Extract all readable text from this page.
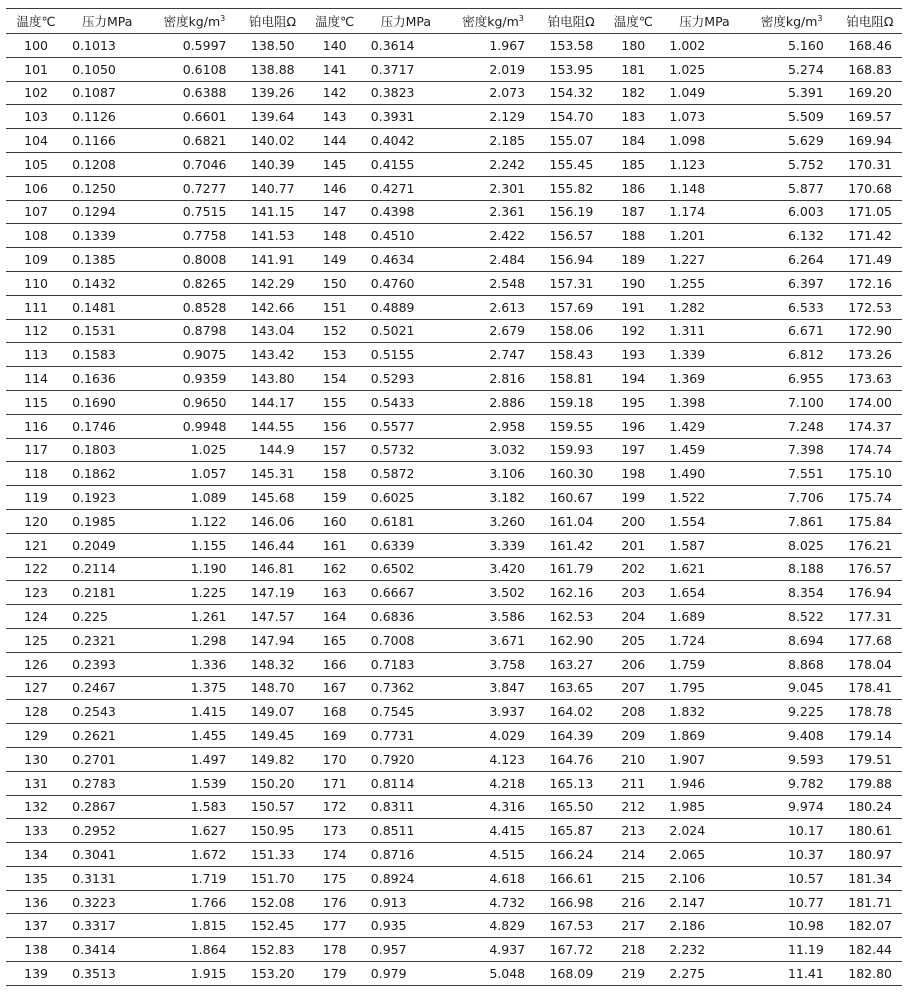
温度℃	压力MPa	密度$kg/m^3$	铂电阻Ω	温度℃	压力MPa	密度$kg/m^3$	铂电阻Ω	温度℃	压力MPa	密度$kg/m^3$	铂电阻Ω
100	0.1013	0.5997	138.50	140	0.3614	1.967	153.58	180	1.002	5.160	168.46
101	0.1050	0.6108	138.88	141	0.3717	2.019	153.95	181	1.025	5.274	168.83
102	0.1087	0.6388	139.26	142	0.3823	2.073	154.32	182	1.049	5.391	169.20
103	0.1126	0.6601	139.64	143	0.3931	2.129	154.70	183	1.073	5.509	169.57
104	0.1166	0.6821	140.02	144	0.4042	2.185	155.07	184	1.098	5.629	169.94
105	0.1208	0.7046	140.39	145	0.4155	2.242	155.45	185	1.123	5.752	170.31
106	0.1250	0.7277	140.77	146	0.4271	2.301	155.82	186	1.148	5.877	170.68
107	0.1294	0.7515	141.15	147	0.4398	2.361	156.19	187	1.174	6.003	171.05
108	0.1339	0.7758	141.53	148	0.4510	2.422	156.57	188	1.201	6.132	171.42
109	0.1385	0.8008	141.91	149	0.4634	2.484	156.94	189	1.227	6.264	171.49
110	0.1432	0.8265	142.29	150	0.4760	2.548	157.31	190	1.255	6.397	172.16
111	0.1481	0.8528	142.66	151	0.4889	2.613	157.69	191	1.282	6.533	172.53
112	0.1531	0.8798	143.04	152	0.5021	2.679	158.06	192	1.311	6.671	172.90
113	0.1583	0.9075	143.42	153	0.5155	2.747	158.43	193	1.339	6.812	173.26
114	0.1636	0.9359	143.80	154	0.5293	2.816	158.81	194	1.369	6.955	173.63
115	0.1690	0.9650	144.17	155	0.5433	2.886	159.18	195	1.398	7.100	174.00
116	0.1746	0.9948	144.55	156	0.5577	2.958	159.55	196	1.429	7.248	174.37
117	0.1803	1.025	144.9	157	0.5732	3.032	159.93	197	1.459	7.398	174.74
118	0.1862	1.057	145.31	158	0.5872	3.106	160.30	198	1.490	7.551	175.10
119	0.1923	1.089	145.68	159	0.6025	3.182	160.67	199	1.522	7.706	175.74
120	0.1985	1.122	146.06	160	0.6181	3.260	161.04	200	1.554	7.861	175.84
121	0.2049	1.155	146.44	161	0.6339	3.339	161.42	201	1.587	8.025	176.21
122	0.2114	1.190	146.81	162	0.6502	3.420	161.79	202	1.621	8.188	176.57
123	0.2181	1.225	147.19	163	0.6667	3.502	162.16	203	1.654	8.354	176.94
124	0.225	1.261	147.57	164	0.6836	3.586	162.53	204	1.689	8.522	177.31
125	0.2321	1.298	147.94	165	0.7008	3.671	162.90	205	1.724	8.694	177.68
126	0.2393	1.336	148.32	166	0.7183	3.758	163.27	206	1.759	8.868	178.04
127	0.2467	1.375	148.70	167	0.7362	3.847	163.65	207	1.795	9.045	178.41
128	0.2543	1.415	149.07	168	0.7545	3.937	164.02	208	1.832	9.225	178.78
129	0.2621	1.455	149.45	169	0.7731	4.029	164.39	209	1.869	9.408	179.14
130	0.2701	1.497	149.82	170	0.7920	4.123	164.76	210	1.907	9.593	179.51
131	0.2783	1.539	150.20	171	0.8114	4.218	165.13	211	1.946	9.782	179.88
132	0.2867	1.583	150.57	172	0.8311	4.316	165.50	212	1.985	9.974	180.24
133	0.2952	1.627	150.95	173	0.8511	4.415	165.87	213	2.024	10.17	180.61
134	0.3041	1.672	151.33	174	0.8716	4.515	166.24	214	2.065	10.37	180.97
135	0.3131	1.719	151.70	175	0.8924	4.618	166.61	215	2.106	10.57	181.34
136	0.3223	1.766	152.08	176	0.913	4.732	166.98	216	2.147	10.77	181.71
137	0.3317	1.815	152.45	177	0.935	4.829	167.53	217	2.186	10.98	182.07
138	0.3414	1.864	152.83	178	0.957	4.937	167.72	218	2.232	11.19	182.44
139	0.3513	1.915	153.20	179	0.979	5.048	168.09	219	2.275	11.41	182.80
